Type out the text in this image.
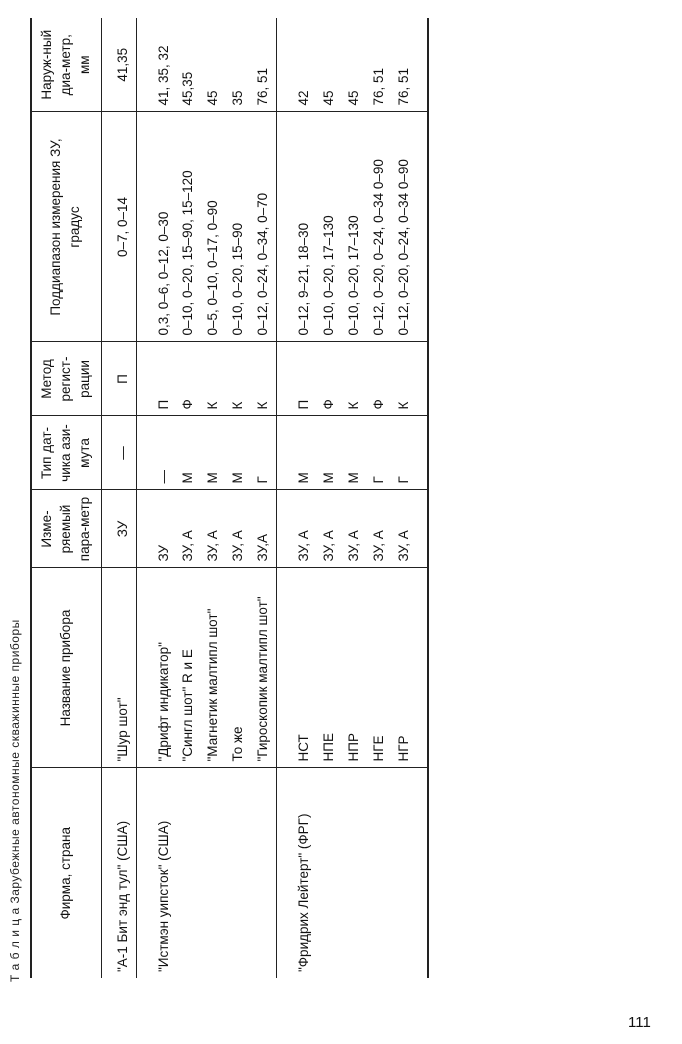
Т а б л и ц а Зарубежные автономные скважинные приборы	Фирма, страна	Название прибора	Изме-ряемый пара-метр	Тип дат-чика ази-мута	Метод регист-рации	Поддиапазон измерения ЗУ, градус	Наруж-ный диа-метр, мм
"А-1 Бит энд тул" (США)	"Шур шот"	ЗУ	—	П	0–7, 0–14	41,35
"Истмэн уипсток" (США)	"Дрифт индикатор"	ЗУ	—	П	0,3, 0–6, 0–12, 0–30	41, 35, 32
	"Сингл шот" R и Е	ЗУ, А	М	Ф	0–10, 0–20, 15–90, 15–120	45,35
	"Магнетик малтипл шот"	ЗУ, А	М	К	0–5, 0–10, 0–17, 0–90	45
	То же	ЗУ, А	М	К	0–10, 0–20, 15–90	35
	"Гироскопик малтипл шот"	ЗУ,А	Г	К	0–12, 0–24, 0–34, 0–70	76, 51
"Фридрих Лейтерт" (ФРГ)	НСТ	ЗУ, А	М	П	0–12, 9–21, 18–30	42
	НПЕ	ЗУ, А	М	Ф	0–10, 0–20, 17–130	45
	НПР	ЗУ, А	М	К	0–10, 0–20, 17–130	45
	НГЕ	ЗУ, А	Г	Ф	0–12, 0–20, 0–24, 0–34 0–90	76, 51
	НГР	ЗУ, А	Г	К	0–12, 0–20, 0–24, 0–34 0–90	76, 51
111
